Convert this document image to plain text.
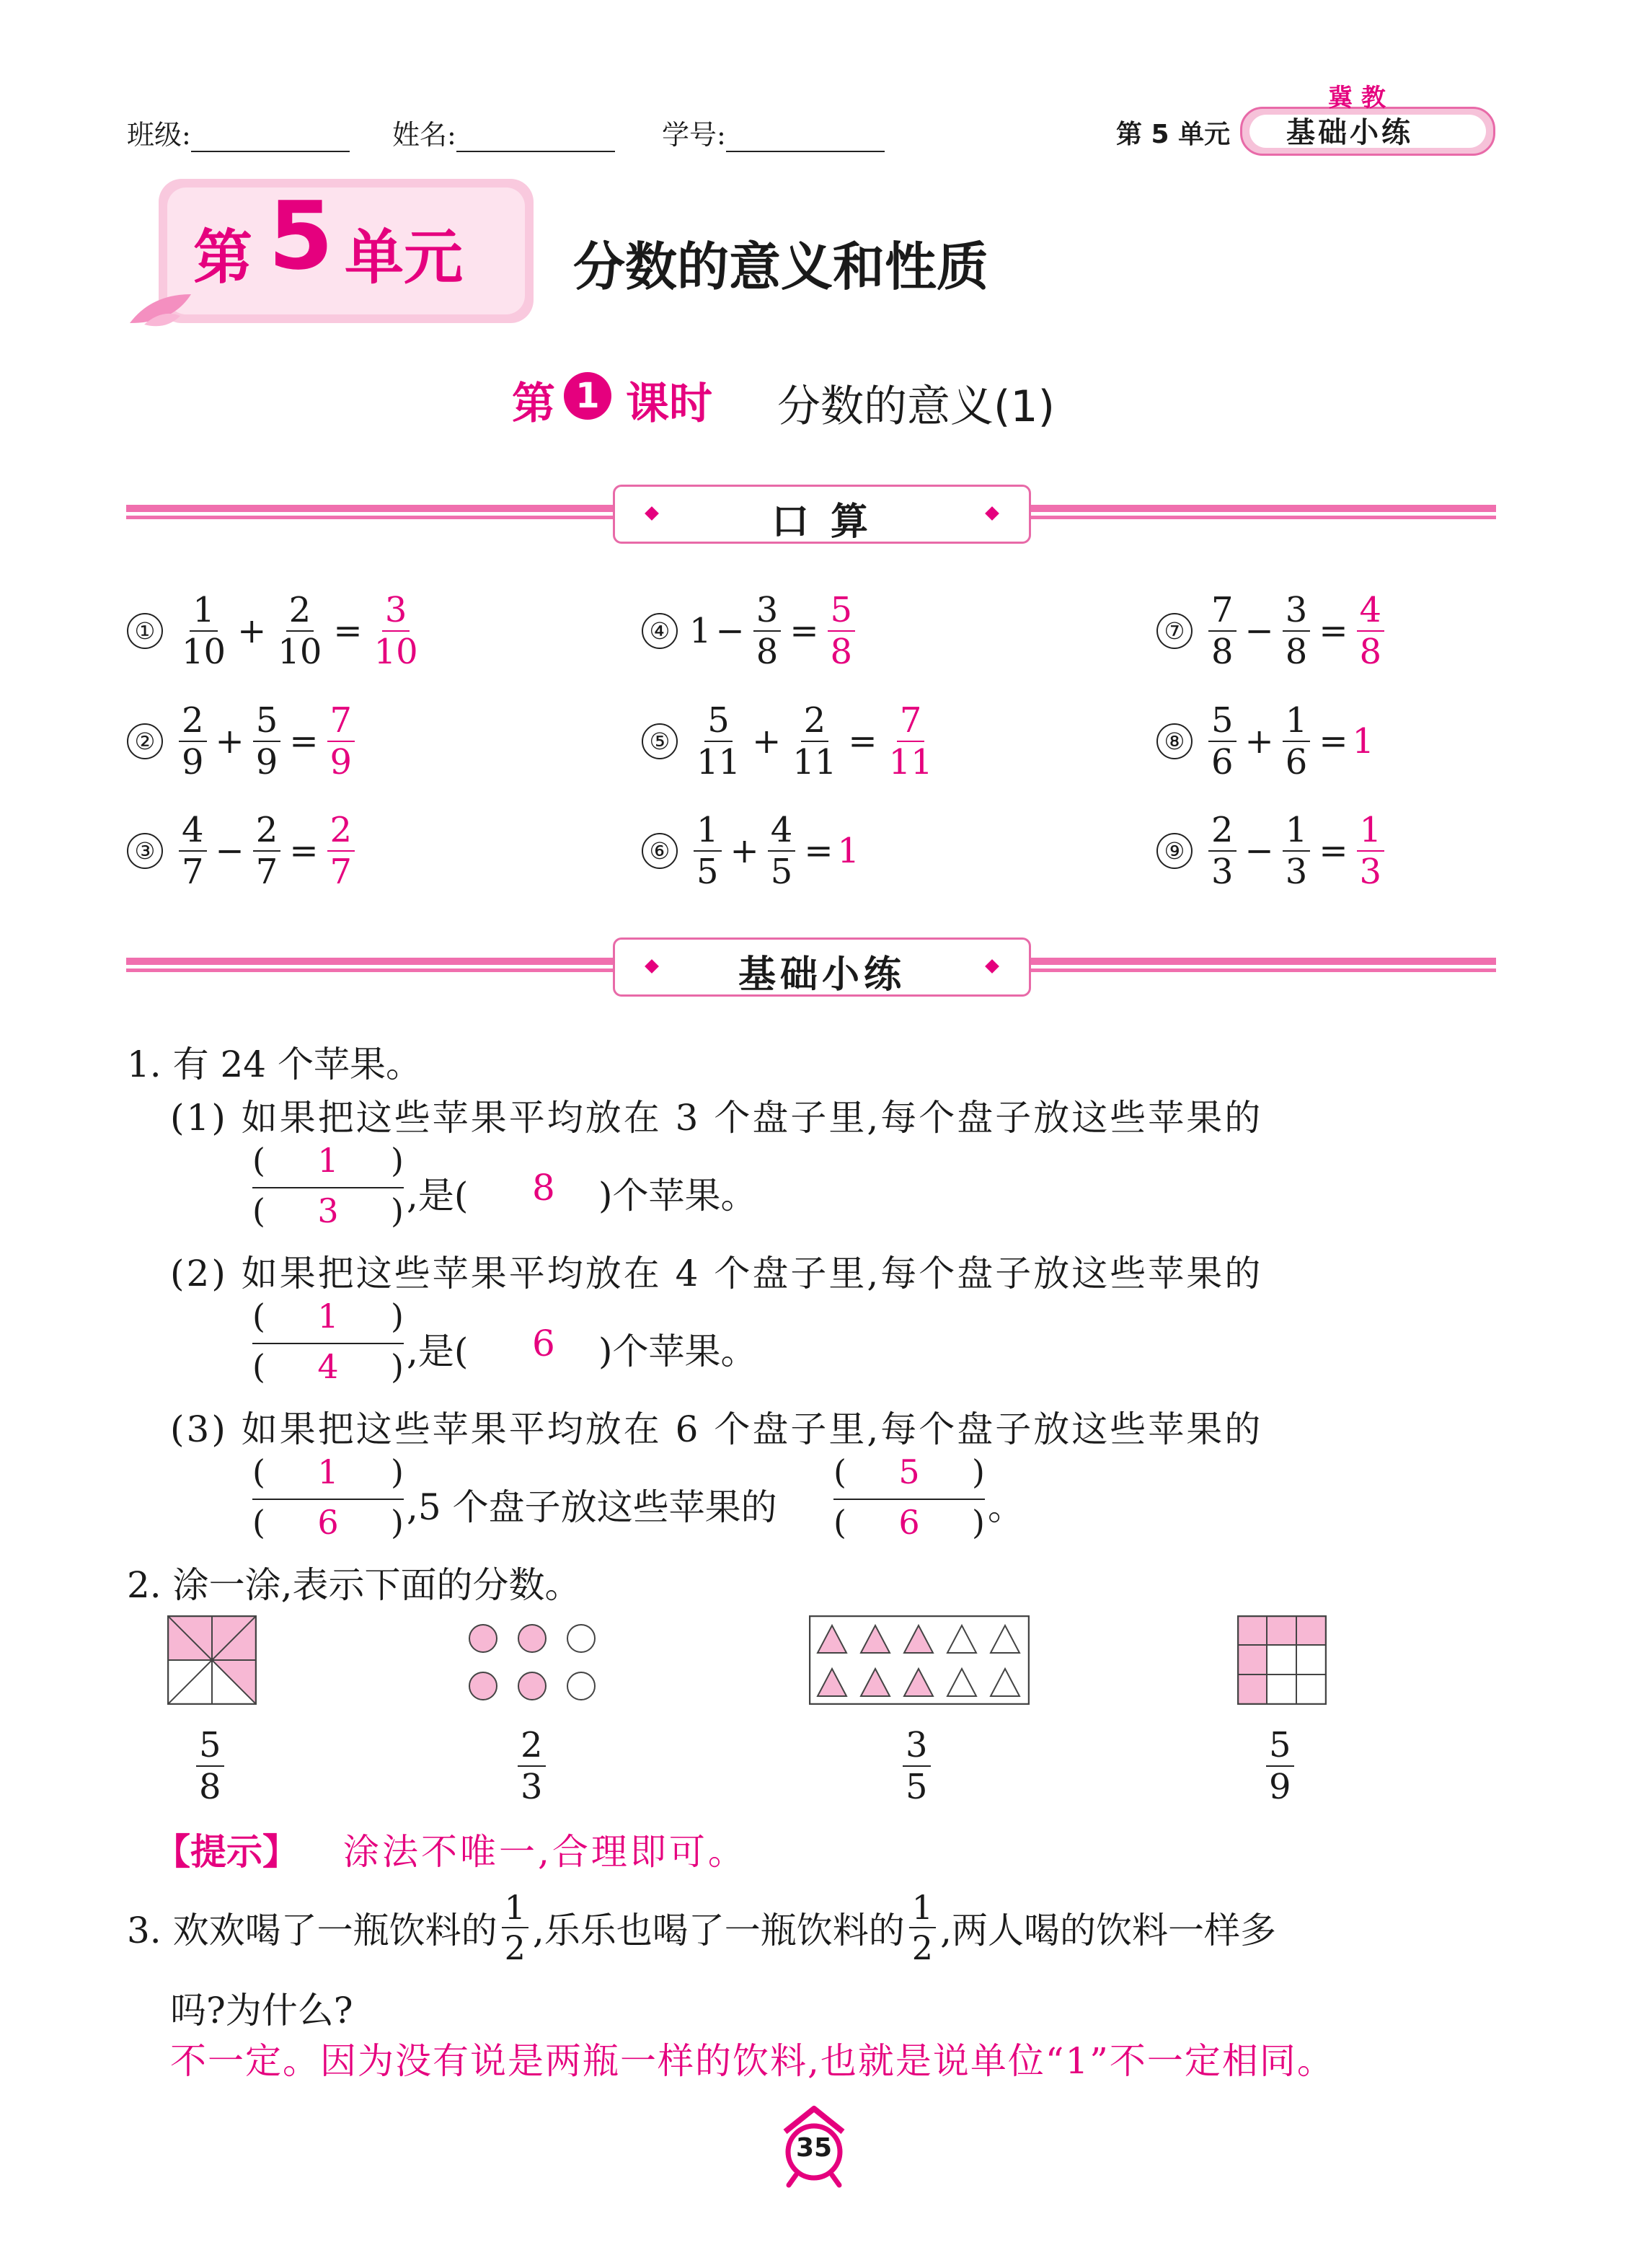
班级:	姓名:	学号:	第 5 单元
冀 教
基础小练
第 5 单元 分数的意义和性质
第 1 课时 分数的意义(1)
口 算
① $\frac{1}{10} + \frac{2}{10} = \frac{3}{10}$
② $\frac{2}{9} + \frac{5}{9} = \frac{7}{9}$
③ $\frac{4}{7} - \frac{2}{7} = \frac{2}{7}$
④ $1 - \frac{3}{8} = \frac{5}{8}$
⑤ $\frac{5}{11} + \frac{2}{11} = \frac{7}{11}$
⑥ $\frac{1}{5} + \frac{4}{5} = 1$
⑦ $\frac{7}{8} - \frac{3}{8} = \frac{4}{8}$
⑧ $\frac{5}{6} + \frac{1}{6} = 1$
⑨ $\frac{2}{3} - \frac{1}{3} = \frac{1}{3}$
基础小练
1. 有 24 个苹果。
(1) 如果把这些苹果平均放在 3 个盘子里,每个盘子放这些苹果的
( 1 )
( 3 ) ,是( 8 )个苹果。
(2) 如果把这些苹果平均放在 4 个盘子里,每个盘子放这些苹果的
( 1 )
( 4 ) ,是( 6 )个苹果。
(3) 如果把这些苹果平均放在 6 个盘子里,每个盘子放这些苹果的
( 1 )
( 6 ) ,5 个盘子放这些苹果的
( 5 )
( 6 ) 。
2. 涂一涂,表示下面的分数。
$\frac{5}{8}$	$\frac{2}{3}$	$\frac{3}{5}$	$\frac{5}{9}$
【提示】 涂法不唯一,合理即可。
3. 欢欢喝了一瓶饮料的 $\frac{1}{2}$ ,乐乐也喝了一瓶饮料的 $\frac{1}{2}$ ,两人喝的饮料一样多
吗?为什么?
不一定。因为没有说是两瓶一样的饮料,也就是说单位“1”不一定相同。
35
